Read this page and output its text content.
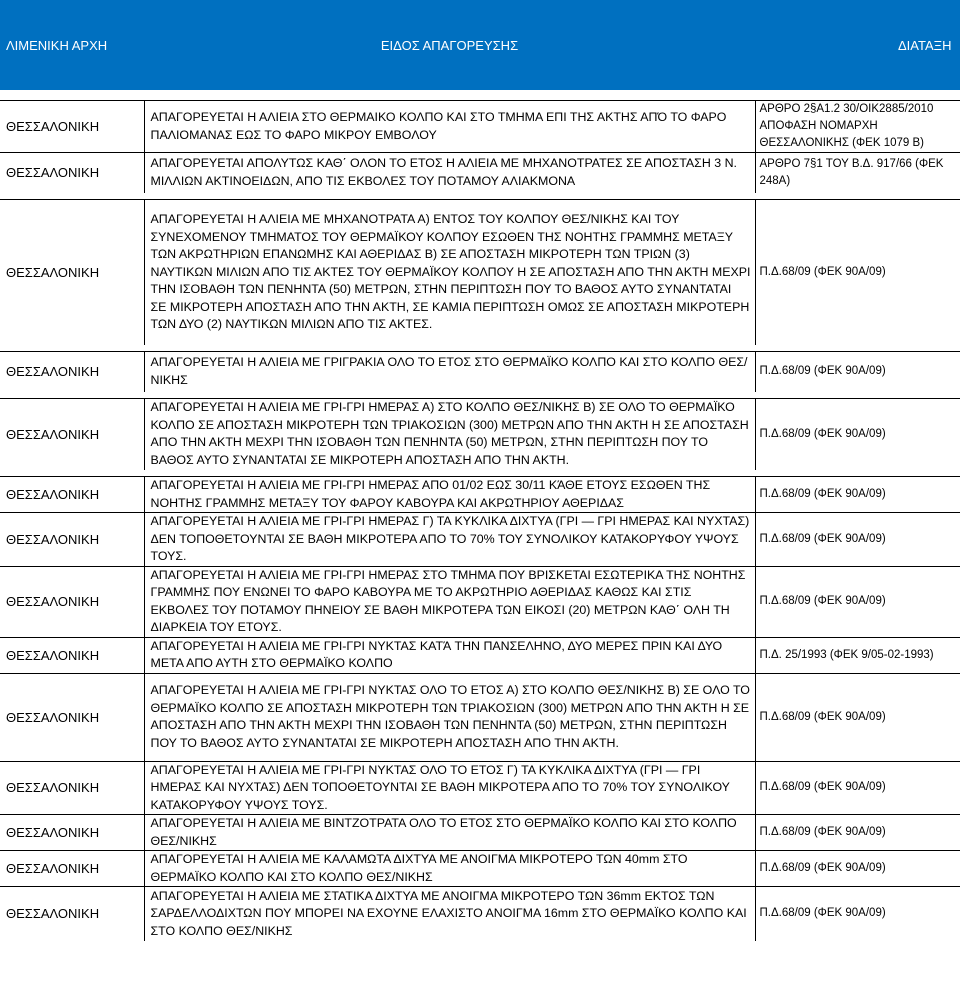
ΛΙΜΕΝΙΚΗ ΑΡΧΗ	ΕΙΔΟΣ ΑΠΑΓΟΡΕΥΣΗΣ	ΔΙΑΤΑΞΗ

ΘΕΣΣΑΛΟΝΙΚΗ	ΑΠΑΓΟΡΕΥΕΤΑΙ Η ΑΛΙΕΙΑ ΣΤΟ ΘΕΡΜΑΙΚΟ ΚΟΛΠΟ ΚΑΙ ΣΤΟ ΤΜΗΜΑ ΕΠΙ ΤΗΣ ΑΚΤΗΣ ΑΠΌ ΤΟ ΦΑΡΟ ΠΑΛΙΟΜΑΝΑΣ ΕΩΣ ΤΟ ΦΑΡΟ ΜΙΚΡΟΥ ΕΜΒΟΛΟΥ	ΑΡΘΡΟ 2§Α1.2 30/ΟΙΚ2885/2010 ΑΠΟΦΑΣΗ ΝΟΜΑΡΧΗ ΘΕΣΣΑΛΟΝΙΚΗΣ (ΦΕΚ 1079 Β)
ΘΕΣΣΑΛΟΝΙΚΗ	ΑΠΑΓΟΡΕΥΕΤΑΙ ΑΠΟΛΥΤΩΣ ΚΑΘ΄ ΟΛΟΝ ΤΟ ΕΤΟΣ Η ΑΛΙΕΙΑ ΜΕ ΜΗΧΑΝΟΤΡΑΤΕΣ ΣΕ ΑΠΟΣΤΑΣΗ 3 Ν. ΜΙΛΛΙΩΝ ΑΚΤΙΝΟΕΙΔΩΝ, ΑΠΟ ΤΙΣ ΕΚΒΟΛΕΣ ΤΟΥ ΠΟΤΑΜΟΥ ΑΛΙΑΚΜΟΝΑ	ΑΡΘΡΟ 7§1 ΤΟΥ Β.Δ. 917/66 (ΦΕΚ 248Α)

ΘΕΣΣΑΛΟΝΙΚΗ	ΑΠΑΓΟΡΕΥΕΤΑΙ Η ΑΛΙΕΙΑ ΜΕ ΜΗΧΑΝΟΤΡΑΤΑ Α) ΕΝΤΟΣ ΤΟΥ ΚΟΛΠΟΥ ΘΕΣ/ΝΙΚΗΣ ΚΑΙ ΤΟΥ ΣΥΝΕΧΟΜΕΝΟΥ ΤΜΗΜΑΤΟΣ ΤΟΥ ΘΕΡΜΑΪΚΟΥ ΚΟΛΠΟΥ ΕΣΩΘΕΝ ΤΗΣ ΝΟΗΤΗΣ ΓΡΑΜΜΗΣ ΜΕΤΑΞΥ ΤΩΝ ΑΚΡΩΤΗΡΙΩΝ ΕΠΑΝΩΜΗΣ ΚΑΙ ΑΘΕΡΙΔΑΣ Β) ΣΕ ΑΠΟΣΤΑΣΗ ΜΙΚΡΟΤΕΡΗ ΤΩΝ ΤΡΙΩΝ (3) ΝΑΥΤΙΚΩΝ ΜΙΛΙΩΝ ΑΠΟ ΤΙΣ ΑΚΤΕΣ ΤΟΥ ΘΕΡΜΑΪΚΟΥ ΚΟΛΠΟΥ Η ΣΕ ΑΠΟΣΤΑΣΗ ΑΠΟ ΤΗΝ ΑΚΤΗ ΜΕΧΡΙ ΤΗΝ ΙΣΟΒΑΘΗ ΤΩΝ ΠΕΝΗΝΤΑ (50) ΜΕΤΡΩΝ, ΣΤΗΝ ΠΕΡΙΠΤΩΣΗ ΠΟΥ ΤΟ ΒΑΘΟΣ ΑΥΤΟ ΣΥΝΑΝΤΑΤΑΙ ΣΕ ΜΙΚΡΟΤΕΡΗ ΑΠΟΣΤΑΣΗ ΑΠΟ ΤΗΝ ΑΚΤΗ, ΣΕ ΚΑΜΙΑ ΠΕΡΙΠΤΩΣΗ ΟΜΩΣ ΣΕ ΑΠΟΣΤΑΣΗ ΜΙΚΡΟΤΕΡΗ ΤΩΝ ΔΥΟ (2) ΝΑΥΤΙΚΩΝ ΜΙΛΙΩΝ ΑΠΟ ΤΙΣ ΑΚΤΕΣ.	Π.Δ.68/09 (ΦΕΚ 90Α/09)

ΘΕΣΣΑΛΟΝΙΚΗ	ΑΠΑΓΟΡΕΥΕΤΑΙ Η ΑΛΙΕΙΑ ΜΕ ΓΡΙΓΡΑΚΙΑ ΟΛΟ ΤΟ ΕΤΟΣ ΣΤΟ ΘΕΡΜΑΪΚΟ ΚΟΛΠΟ ΚΑΙ ΣΤΟ ΚΟΛΠΟ ΘΕΣ/ΝΙΚΗΣ	Π.Δ.68/09 (ΦΕΚ 90Α/09)

ΘΕΣΣΑΛΟΝΙΚΗ	ΑΠΑΓΟΡΕΥΕΤΑΙ Η ΑΛΙΕΙΑ ΜΕ ΓΡΙ-ΓΡΙ ΗΜΕΡΑΣ Α) ΣΤΟ ΚΟΛΠΟ ΘΕΣ/ΝΙΚΗΣ Β) ΣΕ ΟΛΟ ΤΟ ΘΕΡΜΑΪΚΟ ΚΟΛΠΟ ΣΕ ΑΠΟΣΤΑΣΗ ΜΙΚΡΟΤΕΡΗ ΤΩΝ ΤΡΙΑΚΟΣΙΩΝ (300) ΜΕΤΡΩΝ ΑΠΟ ΤΗΝ ΑΚΤΗ Η ΣΕ ΑΠΟΣΤΑΣΗ ΑΠΟ ΤΗΝ ΑΚΤΗ ΜΕΧΡΙ ΤΗΝ ΙΣΟΒΑΘΗ ΤΩΝ ΠΕΝΗΝΤΑ (50) ΜΕΤΡΩΝ, ΣΤΗΝ ΠΕΡΙΠΤΩΣΗ ΠΟΥ ΤΟ ΒΑΘΟΣ ΑΥΤΟ ΣΥΝΑΝΤΑΤΑΙ ΣΕ ΜΙΚΡΟΤΕΡΗ ΑΠΟΣΤΑΣΗ ΑΠΟ ΤΗΝ ΑΚΤΗ.	Π.Δ.68/09 (ΦΕΚ 90Α/09)

ΘΕΣΣΑΛΟΝΙΚΗ	ΑΠΑΓΟΡΕΥΕΤΑΙ Η ΑΛΙΕΙΑ ΜΕ ΓΡΙ-ΓΡΙ ΗΜΕΡΑΣ ΑΠΟ 01/02 ΕΩΣ 30/11 ΚΆΘΕ ΕΤΟΥΣ ΕΣΩΘΕΝ ΤΗΣ ΝΟΗΤΗΣ ΓΡΑΜΜΗΣ ΜΕΤΑΞΥ ΤΟΥ ΦΑΡΟΥ ΚΑΒΟΥΡΑ ΚΑΙ ΑΚΡΩΤΗΡΙΟΥ ΑΘΕΡΙΔΑΣ	Π.Δ.68/09 (ΦΕΚ 90Α/09)
ΘΕΣΣΑΛΟΝΙΚΗ	ΑΠΑΓΟΡΕΥΕΤΑΙ Η ΑΛΙΕΙΑ ΜΕ ΓΡΙ-ΓΡΙ ΗΜΕΡΑΣ Γ) ΤΑ ΚΥΚΛΙΚΑ ΔΙΧΤΥΑ (ΓΡΙ — ΓΡΙ ΗΜΕΡΑΣ ΚΑΙ ΝΥΧΤΑΣ) ΔΕΝ ΤΟΠΟΘΕΤΟΥΝΤΑΙ ΣΕ ΒΑΘΗ ΜΙΚΡΟΤΕΡΑ ΑΠΟ ΤΟ 70% ΤΟΥ ΣΥΝΟΛΙΚΟΥ ΚΑΤΑΚΟΡΥΦΟΥ ΥΨΟΥΣ ΤΟΥΣ.	Π.Δ.68/09 (ΦΕΚ 90Α/09)
ΘΕΣΣΑΛΟΝΙΚΗ	ΑΠΑΓΟΡΕΥΕΤΑΙ Η ΑΛΙΕΙΑ ΜΕ ΓΡΙ-ΓΡΙ ΗΜΕΡΑΣ ΣΤΟ ΤΜΗΜΑ ΠΟΥ ΒΡΙΣΚΕΤΑΙ ΕΣΩΤΕΡΙΚΑ ΤΗΣ ΝΟΗΤΗΣ ΓΡΑΜΜΗΣ ΠΟΥ ΕΝΩΝΕΙ ΤΟ ΦΑΡΟ ΚΑΒΟΥΡΑ ΜΕ ΤΟ ΑΚΡΩΤΗΡΙΟ ΑΘΕΡΙΔΑΣ ΚΑΘΩΣ ΚΑΙ ΣΤΙΣ ΕΚΒΟΛΕΣ ΤΟΥ ΠΟΤΑΜΟΥ ΠΗΝΕΙΟΥ ΣΕ ΒΑΘΗ ΜΙΚΡΟΤΕΡΑ ΤΩΝ ΕΙΚΟΣΙ (20) ΜΕΤΡΩΝ ΚΑΘ΄ ΟΛΗ ΤΗ ΔΙΑΡΚΕΙΑ ΤΟΥ ΕΤΟΥΣ.	Π.Δ.68/09 (ΦΕΚ 90Α/09)
ΘΕΣΣΑΛΟΝΙΚΗ	ΑΠΑΓΟΡΕΥΕΤΑΙ Η ΑΛΙΕΙΑ ΜΕ ΓΡΙ-ΓΡΙ ΝΥΚΤΑΣ ΚΑΤΆ ΤΗΝ ΠΑΝΣΕΛΗΝΟ, ΔΥΟ ΜΕΡΕΣ ΠΡΙΝ ΚΑΙ ΔΥΟ ΜΕΤΑ ΑΠΟ ΑΥΤΗ ΣΤΟ ΘΕΡΜΑΪΚΟ ΚΟΛΠΟ	Π.Δ. 25/1993 (ΦΕΚ 9/05-02-1993)
ΘΕΣΣΑΛΟΝΙΚΗ	ΑΠΑΓΟΡΕΥΕΤΑΙ Η ΑΛΙΕΙΑ ΜΕ ΓΡΙ-ΓΡΙ ΝΥΚΤΑΣ ΟΛΟ ΤΟ ΕΤΟΣ Α) ΣΤΟ ΚΟΛΠΟ ΘΕΣ/ΝΙΚΗΣ Β) ΣΕ ΟΛΟ ΤΟ ΘΕΡΜΑΪΚΟ ΚΟΛΠΟ ΣΕ ΑΠΟΣΤΑΣΗ ΜΙΚΡΟΤΕΡΗ ΤΩΝ ΤΡΙΑΚΟΣΙΩΝ (300) ΜΕΤΡΩΝ ΑΠΟ ΤΗΝ ΑΚΤΗ Η ΣΕ ΑΠΟΣΤΑΣΗ ΑΠΟ ΤΗΝ ΑΚΤΗ ΜΕΧΡΙ ΤΗΝ ΙΣΟΒΑΘΗ ΤΩΝ ΠΕΝΗΝΤΑ (50) ΜΕΤΡΩΝ, ΣΤΗΝ ΠΕΡΙΠΤΩΣΗ ΠΟΥ ΤΟ ΒΑΘΟΣ ΑΥΤΟ ΣΥΝΑΝΤΑΤΑΙ ΣΕ ΜΙΚΡΟΤΕΡΗ ΑΠΟΣΤΑΣΗ ΑΠΟ ΤΗΝ ΑΚΤΗ.	Π.Δ.68/09 (ΦΕΚ 90Α/09)
ΘΕΣΣΑΛΟΝΙΚΗ	ΑΠΑΓΟΡΕΥΕΤΑΙ Η ΑΛΙΕΙΑ ΜΕ ΓΡΙ-ΓΡΙ ΝΥΚΤΑΣ ΟΛΟ ΤΟ ΕΤΟΣ Γ) ΤΑ ΚΥΚΛΙΚΑ ΔΙΧΤΥΑ (ΓΡΙ — ΓΡΙ ΗΜΕΡΑΣ ΚΑΙ ΝΥΧΤΑΣ) ΔΕΝ ΤΟΠΟΘΕΤΟΥΝΤΑΙ ΣΕ ΒΑΘΗ ΜΙΚΡΟΤΕΡΑ ΑΠΟ ΤΟ 70% ΤΟΥ ΣΥΝΟΛΙΚΟΥ ΚΑΤΑΚΟΡΥΦΟΥ ΥΨΟΥΣ ΤΟΥΣ.	Π.Δ.68/09 (ΦΕΚ 90Α/09)
ΘΕΣΣΑΛΟΝΙΚΗ	ΑΠΑΓΟΡΕΥΕΤΑΙ Η ΑΛΙΕΙΑ ΜΕ ΒΙΝΤΖΟΤΡΑΤΑ ΟΛΟ ΤΟ ΕΤΟΣ ΣΤΟ ΘΕΡΜΑΪΚΟ ΚΟΛΠΟ ΚΑΙ ΣΤΟ ΚΟΛΠΟ ΘΕΣ/ΝΙΚΗΣ	Π.Δ.68/09 (ΦΕΚ 90Α/09)
ΘΕΣΣΑΛΟΝΙΚΗ	ΑΠΑΓΟΡΕΥΕΤΑΙ Η ΑΛΙΕΙΑ ΜΕ ΚΑΛΑΜΩΤΑ ΔΙΧΤΥΑ ΜΕ ΑΝΟΙΓΜΑ ΜΙΚΡΟΤΕΡΟ ΤΩΝ 40mm ΣΤΟ ΘΕΡΜΑΪΚΟ ΚΟΛΠΟ ΚΑΙ ΣΤΟ ΚΟΛΠΟ ΘΕΣ/ΝΙΚΗΣ	Π.Δ.68/09 (ΦΕΚ 90Α/09)
ΘΕΣΣΑΛΟΝΙΚΗ	ΑΠΑΓΟΡΕΥΕΤΑΙ Η ΑΛΙΕΙΑ ΜΕ ΣΤΑΤΙΚΑ ΔΙΧΤΥΑ ΜΕ ΑΝΟΙΓΜΑ ΜΙΚΡΟΤΕΡΟ ΤΩΝ 36mm ΕΚΤΟΣ ΤΩΝ ΣΑΡΔΕΛΛΟΔΙΧΤΩΝ ΠΟΥ ΜΠΟΡΕΙ ΝΑ ΕΧΟΥΝΕ ΕΛΑΧΙΣΤΟ ΑΝΟΙΓΜΑ 16mm ΣΤΟ ΘΕΡΜΑΪΚΟ ΚΟΛΠΟ ΚΑΙ ΣΤΟ ΚΟΛΠΟ ΘΕΣ/ΝΙΚΗΣ	Π.Δ.68/09 (ΦΕΚ 90Α/09)
